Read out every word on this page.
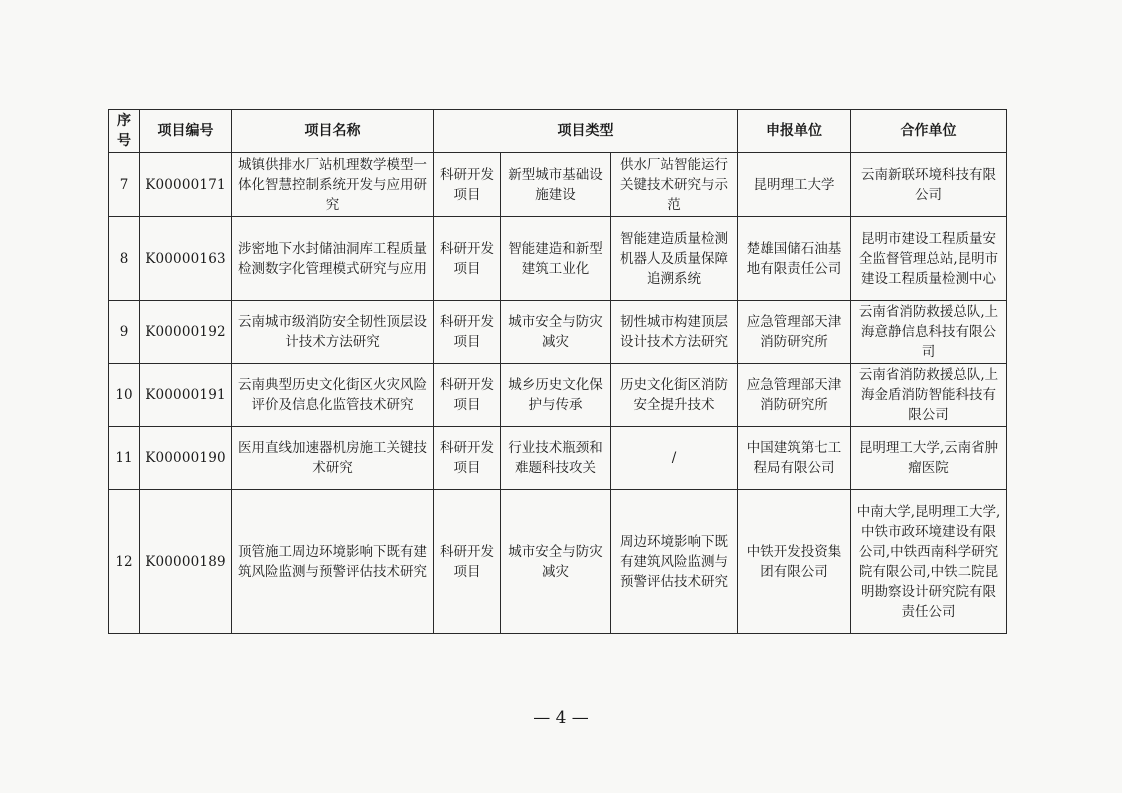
序号	项目编号	项目名称	项目类型			申报单位	合作单位
7	K00000171	城镇供排水厂站机理数学模型一体化智慧控制系统开发与应用研究	科研开发项目	新型城市基础设施建设	供水厂站智能运行关键技术研究与示范	昆明理工大学	云南新联环境科技有限公司
8	K00000163	涉密地下水封储油洞库工程质量检测数字化管理模式研究与应用	科研开发项目	智能建造和新型建筑工业化	智能建造质量检测机器人及质量保障追溯系统	楚雄国储石油基地有限责任公司	昆明市建设工程质量安全监督管理总站,昆明市建设工程质量检测中心
9	K00000192	云南城市级消防安全韧性顶层设计技术方法研究	科研开发项目	城市安全与防灾减灾	韧性城市构建顶层设计技术方法研究	应急管理部天津消防研究所	云南省消防救援总队,上海意静信息科技有限公司
10	K00000191	云南典型历史文化街区火灾风险评价及信息化监管技术研究	科研开发项目	城乡历史文化保护与传承	历史文化街区消防安全提升技术	应急管理部天津消防研究所	云南省消防救援总队,上海金盾消防智能科技有限公司
11	K00000190	医用直线加速器机房施工关键技术研究	科研开发项目	行业技术瓶颈和难题科技攻关	/	中国建筑第七工程局有限公司	昆明理工大学,云南省肿瘤医院
12	K00000189	顶管施工周边环境影响下既有建筑风险监测与预警评估技术研究	科研开发项目	城市安全与防灾减灾	周边环境影响下既有建筑风险监测与预警评估技术研究	中铁开发投资集团有限公司	中南大学,昆明理工大学,中铁市政环境建设有限公司,中铁西南科学研究院有限公司,中铁二院昆明勘察设计研究院有限责任公司
— 4 —
